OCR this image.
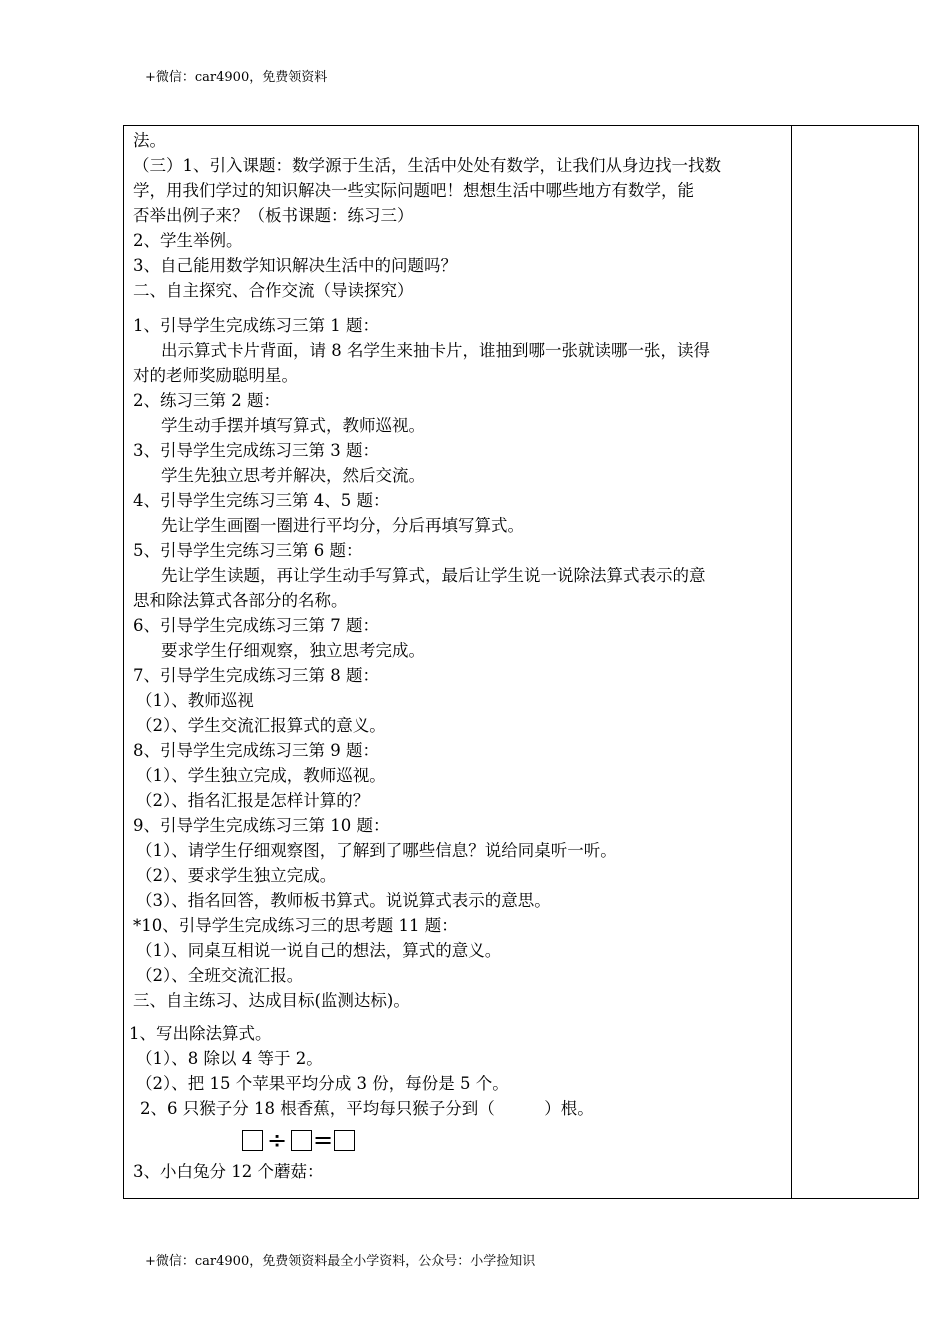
+微信：car4900，免费领资料
法。
（三）1、引入课题：数学源于生活，生活中处处有数学，让我们从身边找一找数
学，用我们学过的知识解决一些实际问题吧！想想生活中哪些地方有数学，能
否举出例子来？（板书课题：练习三）
2、学生举例。
3、自己能用数学知识解决生活中的问题吗？
二、自主探究、合作交流（导读探究）
1、引导学生完成练习三第 1 题：
出示算式卡片背面，请 8 名学生来抽卡片，谁抽到哪一张就读哪一张，读得
对的老师奖励聪明星。
2、练习三第 2 题：
学生动手摆并填写算式，教师巡视。
3、引导学生完成练习三第 3 题：
学生先独立思考并解决，然后交流。
4、引导学生完练习三第 4、5 题：
先让学生画圈一圈进行平均分，分后再填写算式。
5、引导学生完练习三第 6 题：
先让学生读题，再让学生动手写算式，最后让学生说一说除法算式表示的意
思和除法算式各部分的名称。
6、引导学生完成练习三第 7 题：
要求学生仔细观察，独立思考完成。
7、引导学生完成练习三第 8 题：
（1）、教师巡视
（2）、学生交流汇报算式的意义。
8、引导学生完成练习三第 9 题：
（1）、学生独立完成，教师巡视。
（2）、指名汇报是怎样计算的？
9、引导学生完成练习三第 10 题：
（1）、请学生仔细观察图，了解到了哪些信息？说给同桌听一听。
（2）、要求学生独立完成。
（3）、指名回答，教师板书算式。说说算式表示的意思。
*10、引导学生完成练习三的思考题 11 题：
（1）、同桌互相说一说自己的想法，算式的意义。
（2）、全班交流汇报。
三、自主练习、达成目标(监测达标)。
1、写出除法算式。
（1）、8 除以 4 等于 2。
（2）、把 15 个苹果平均分成 3 份，每份是 5 个。
2、6 只猴子分 18 根香蕉，平均每只猴子分到（　　　）根。
÷ =
3、小白兔分 12 个蘑菇：
+微信：car4900，免费领资料最全小学资料，公众号：小学捡知识
